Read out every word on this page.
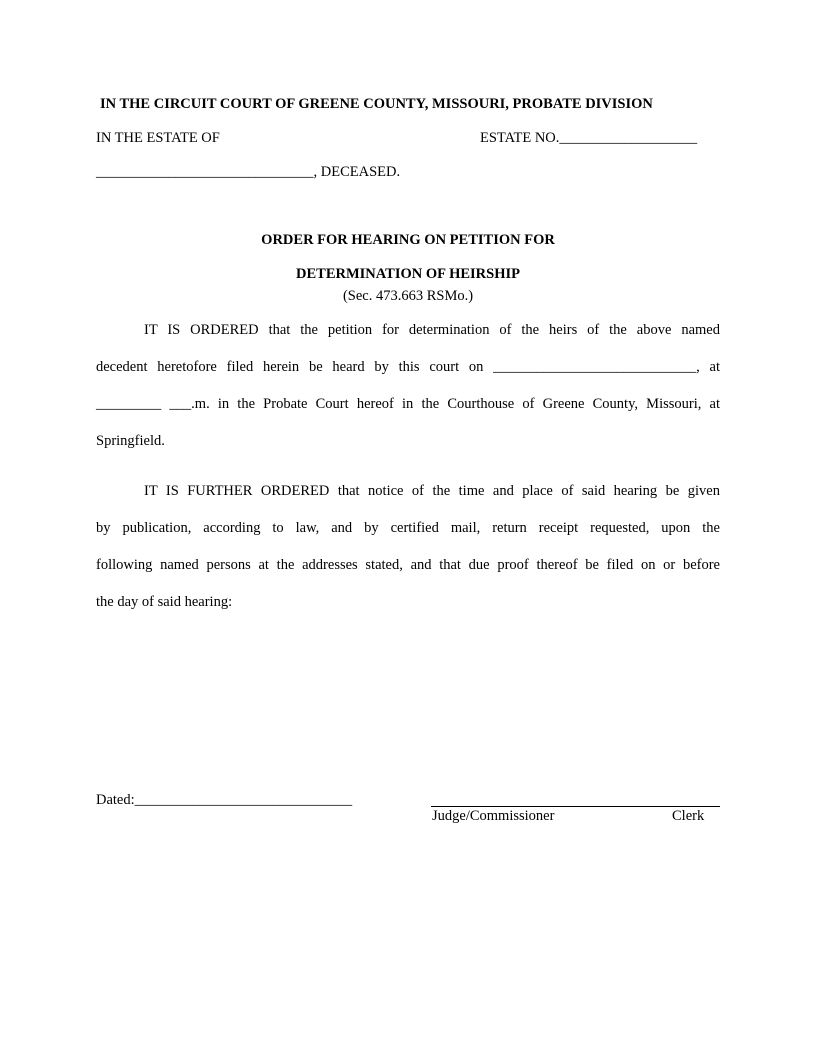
IN THE CIRCUIT COURT OF GREENE COUNTY, MISSOURI, PROBATE DIVISION
IN THE ESTATE OF	ESTATE NO.___________________
______________________________, DECEASED.
ORDER FOR HEARING ON PETITION FOR
DETERMINATION OF HEIRSHIP
(Sec. 473.663 RSMo.)
IT IS ORDERED that the petition for determination of the heirs of the above named
decedent heretofore filed herein be heard by this court on ____________________________, at
_________ ___.m. in the Probate Court hereof in the Courthouse of Greene County, Missouri, at
Springfield.
IT IS FURTHER ORDERED that notice of the time and place of said hearing be given
by publication, according to law, and by certified mail, return receipt requested, upon the
following named persons at the addresses stated, and that due proof thereof be filed on or before
the day of said hearing:
Dated:______________________________
Judge/Commissioner	Clerk
